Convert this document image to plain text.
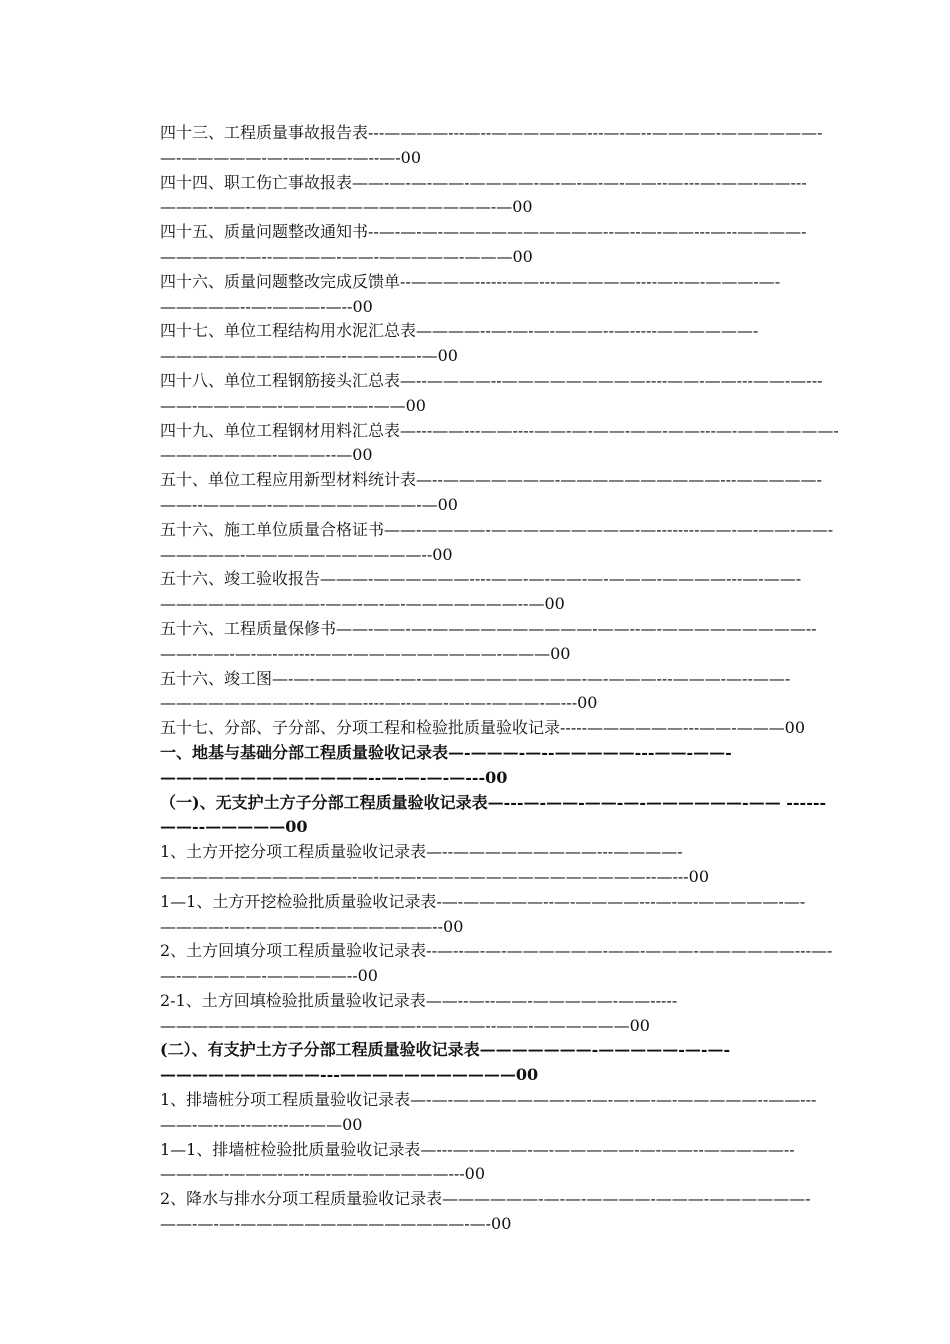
四十三、工程质量事故报告表---————---—--——————---—-—--————-——————-—-—————-—-—-—-—-—--—-00

四十四、职工伤亡事故报表——-—-—-——-————-—-—-—-—-——--—---—-——-——---———-——-———————————————-—00

四十五、质量问题整改通知书--—-—-—-——————————--—--—-——---—--————-—————-—--————-——-—————-———00

四十六、质量问题整改完成反馈单--————------——---—————----—--—-———-—-—————--—-———-—--00

四十七、单位工程结构用水泥汇总表————--—-—-—-———--—-----——————-——————————-—-———-—-—00

四十八、单位工程钢筋接头汇总表—--————--—————————----——-——---——-—---——-—————-————-—-——00

四十九、单位工程钢材用料汇总表—---——---——----——-—-——-——-——---—-——————-———————-———--—00

五十、单位工程应用新型材料统计表—--———————-——————————---—————-——--————-—————————-—00

五十六、施工单位质量合格证书——-————-—————————-—--------——-—-——-——-—————-———————————--00

五十六、竣工验收报告———-——————----——-—-——-—-———-————---—-——-——————————-——-—-—-———————--—00

五十六、工程质量保修书——-——-—-——————————-——--—-—————————--——-——-—-—-—----——-—————————-———00

五十六、竣工图—-—-—————-—-——————————-—-———---———-—--——-—————————--———----—--——-—-—-———-—---00

五十七、分部、子分部、分项工程和检验批质量验收记录-----——————---——-———00

一、地基与基础分部工程质量验收记录表—-———-—--—————---——-——-—————————————--—-—-—-—---00

（一)、无支护土方子分部工程质量验收记录表—---—-——-——-—-——————-—— ------——--—————00

1、土方开挖分项工程质量验收记录表—--—————————---————-————————————-—-—-—-——————————————--—---00

1—1、土方开挖检验批质量验收记录表-—-—————--—-————---—-—-—————-—-————-—-————-———————--00

2、土方回填分项工程质量验收记录表--—--—-—-——————-——-———-——————---—-—-—————-—————--00

2-1、土方回填检验批质量验收记录表——--—--——-—————-——-----————————————————-————--——-——————00

(二）、有支护土方子分部工程质量验收记录表———————-—————-—-—-——————————---———————————00

1、排墙桩分项工程质量验收记录表—-—-———————-—-—-—-—-—-—————--——---——-—--—--—----—-——00

1—1、排墙桩检验批质量验收记录表—---—-—-——-—-—————-—-——--—————--————-———-—--—-—-——————---00

2、降水与排水分项工程质量验收记录表——————-—-—-————-———-——————-——-—-—-——————————————-—-00
